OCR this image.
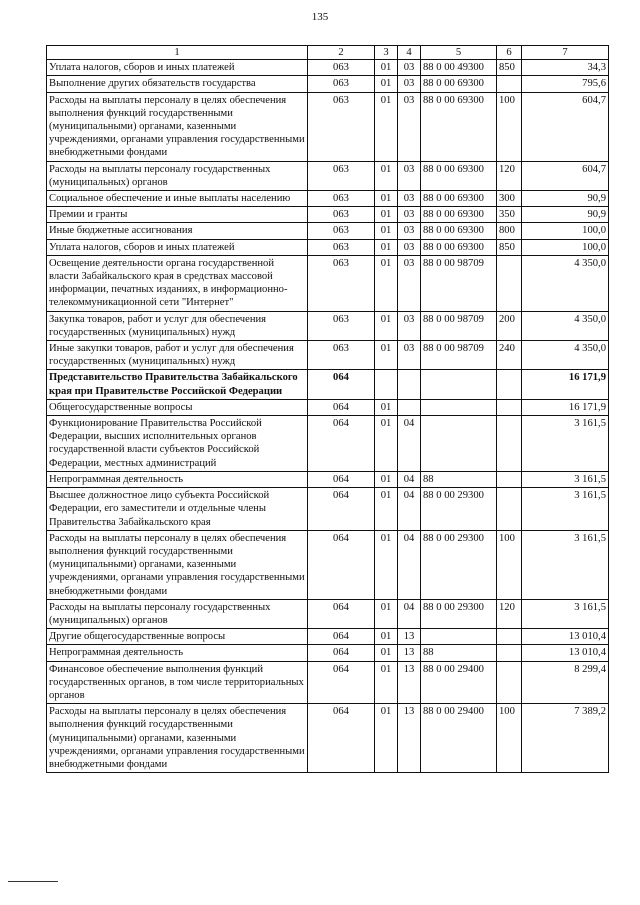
135
1	2	3	4	5	6	7
Уплата налогов, сборов и иных платежей	063	01	03	88 0 00 49300	850	34,3
Выполнение других обязательств государства	063	01	03	88 0 00 69300		795,6
Расходы на выплаты персоналу в целях обеспечения выполнения функций государственными (муниципальными) органами, казенными учреждениями, органами управления государственными внебюджетными фондами	063	01	03	88 0 00 69300	100	604,7
Расходы на выплаты персоналу государственных (муниципальных) органов	063	01	03	88 0 00 69300	120	604,7
Социальное обеспечение и иные выплаты населению	063	01	03	88 0 00 69300	300	90,9
Премии и гранты	063	01	03	88 0 00 69300	350	90,9
Иные бюджетные ассигнования	063	01	03	88 0 00 69300	800	100,0
Уплата налогов, сборов и иных платежей	063	01	03	88 0 00 69300	850	100,0
Освещение деятельности органа государственной власти Забайкальского края в средствах массовой информации, печатных изданиях, в информационно-телекоммуникационной сети "Интернет"	063	01	03	88 0 00 98709		4 350,0
Закупка товаров, работ и услуг для обеспечения государственных (муниципальных) нужд	063	01	03	88 0 00 98709	200	4 350,0
Иные закупки товаров, работ и услуг для обеспечения государственных (муниципальных) нужд	063	01	03	88 0 00 98709	240	4 350,0
Представительство Правительства Забайкальского края при Правительстве Российской Федерации	064					16 171,9
Общегосударственные вопросы	064	01				16 171,9
Функционирование Правительства Российской Федерации, высших исполнительных органов государственной власти субъектов Российской Федерации, местных администраций	064	01	04			3 161,5
Непрограммная деятельность	064	01	04	88		3 161,5
Высшее должностное лицо субъекта Российской Федерации, его заместители и отдельные члены Правительства Забайкальского края	064	01	04	88 0 00 29300		3 161,5
Расходы на выплаты персоналу в целях обеспечения выполнения функций государственными (муниципальными) органами, казенными учреждениями, органами управления государственными внебюджетными фондами	064	01	04	88 0 00 29300	100	3 161,5
Расходы на выплаты персоналу государственных (муниципальных) органов	064	01	04	88 0 00 29300	120	3 161,5
Другие общегосударственные вопросы	064	01	13			13 010,4
Непрограммная деятельность	064	01	13	88		13 010,4
Финансовое обеспечение выполнения функций государственных органов, в том числе территориальных органов	064	01	13	88 0 00 29400		8 299,4
Расходы на выплаты персоналу в целях обеспечения выполнения функций государственными (муниципальными) органами, казенными учреждениями, органами управления государственными внебюджетными фондами	064	01	13	88 0 00 29400	100	7 389,2
